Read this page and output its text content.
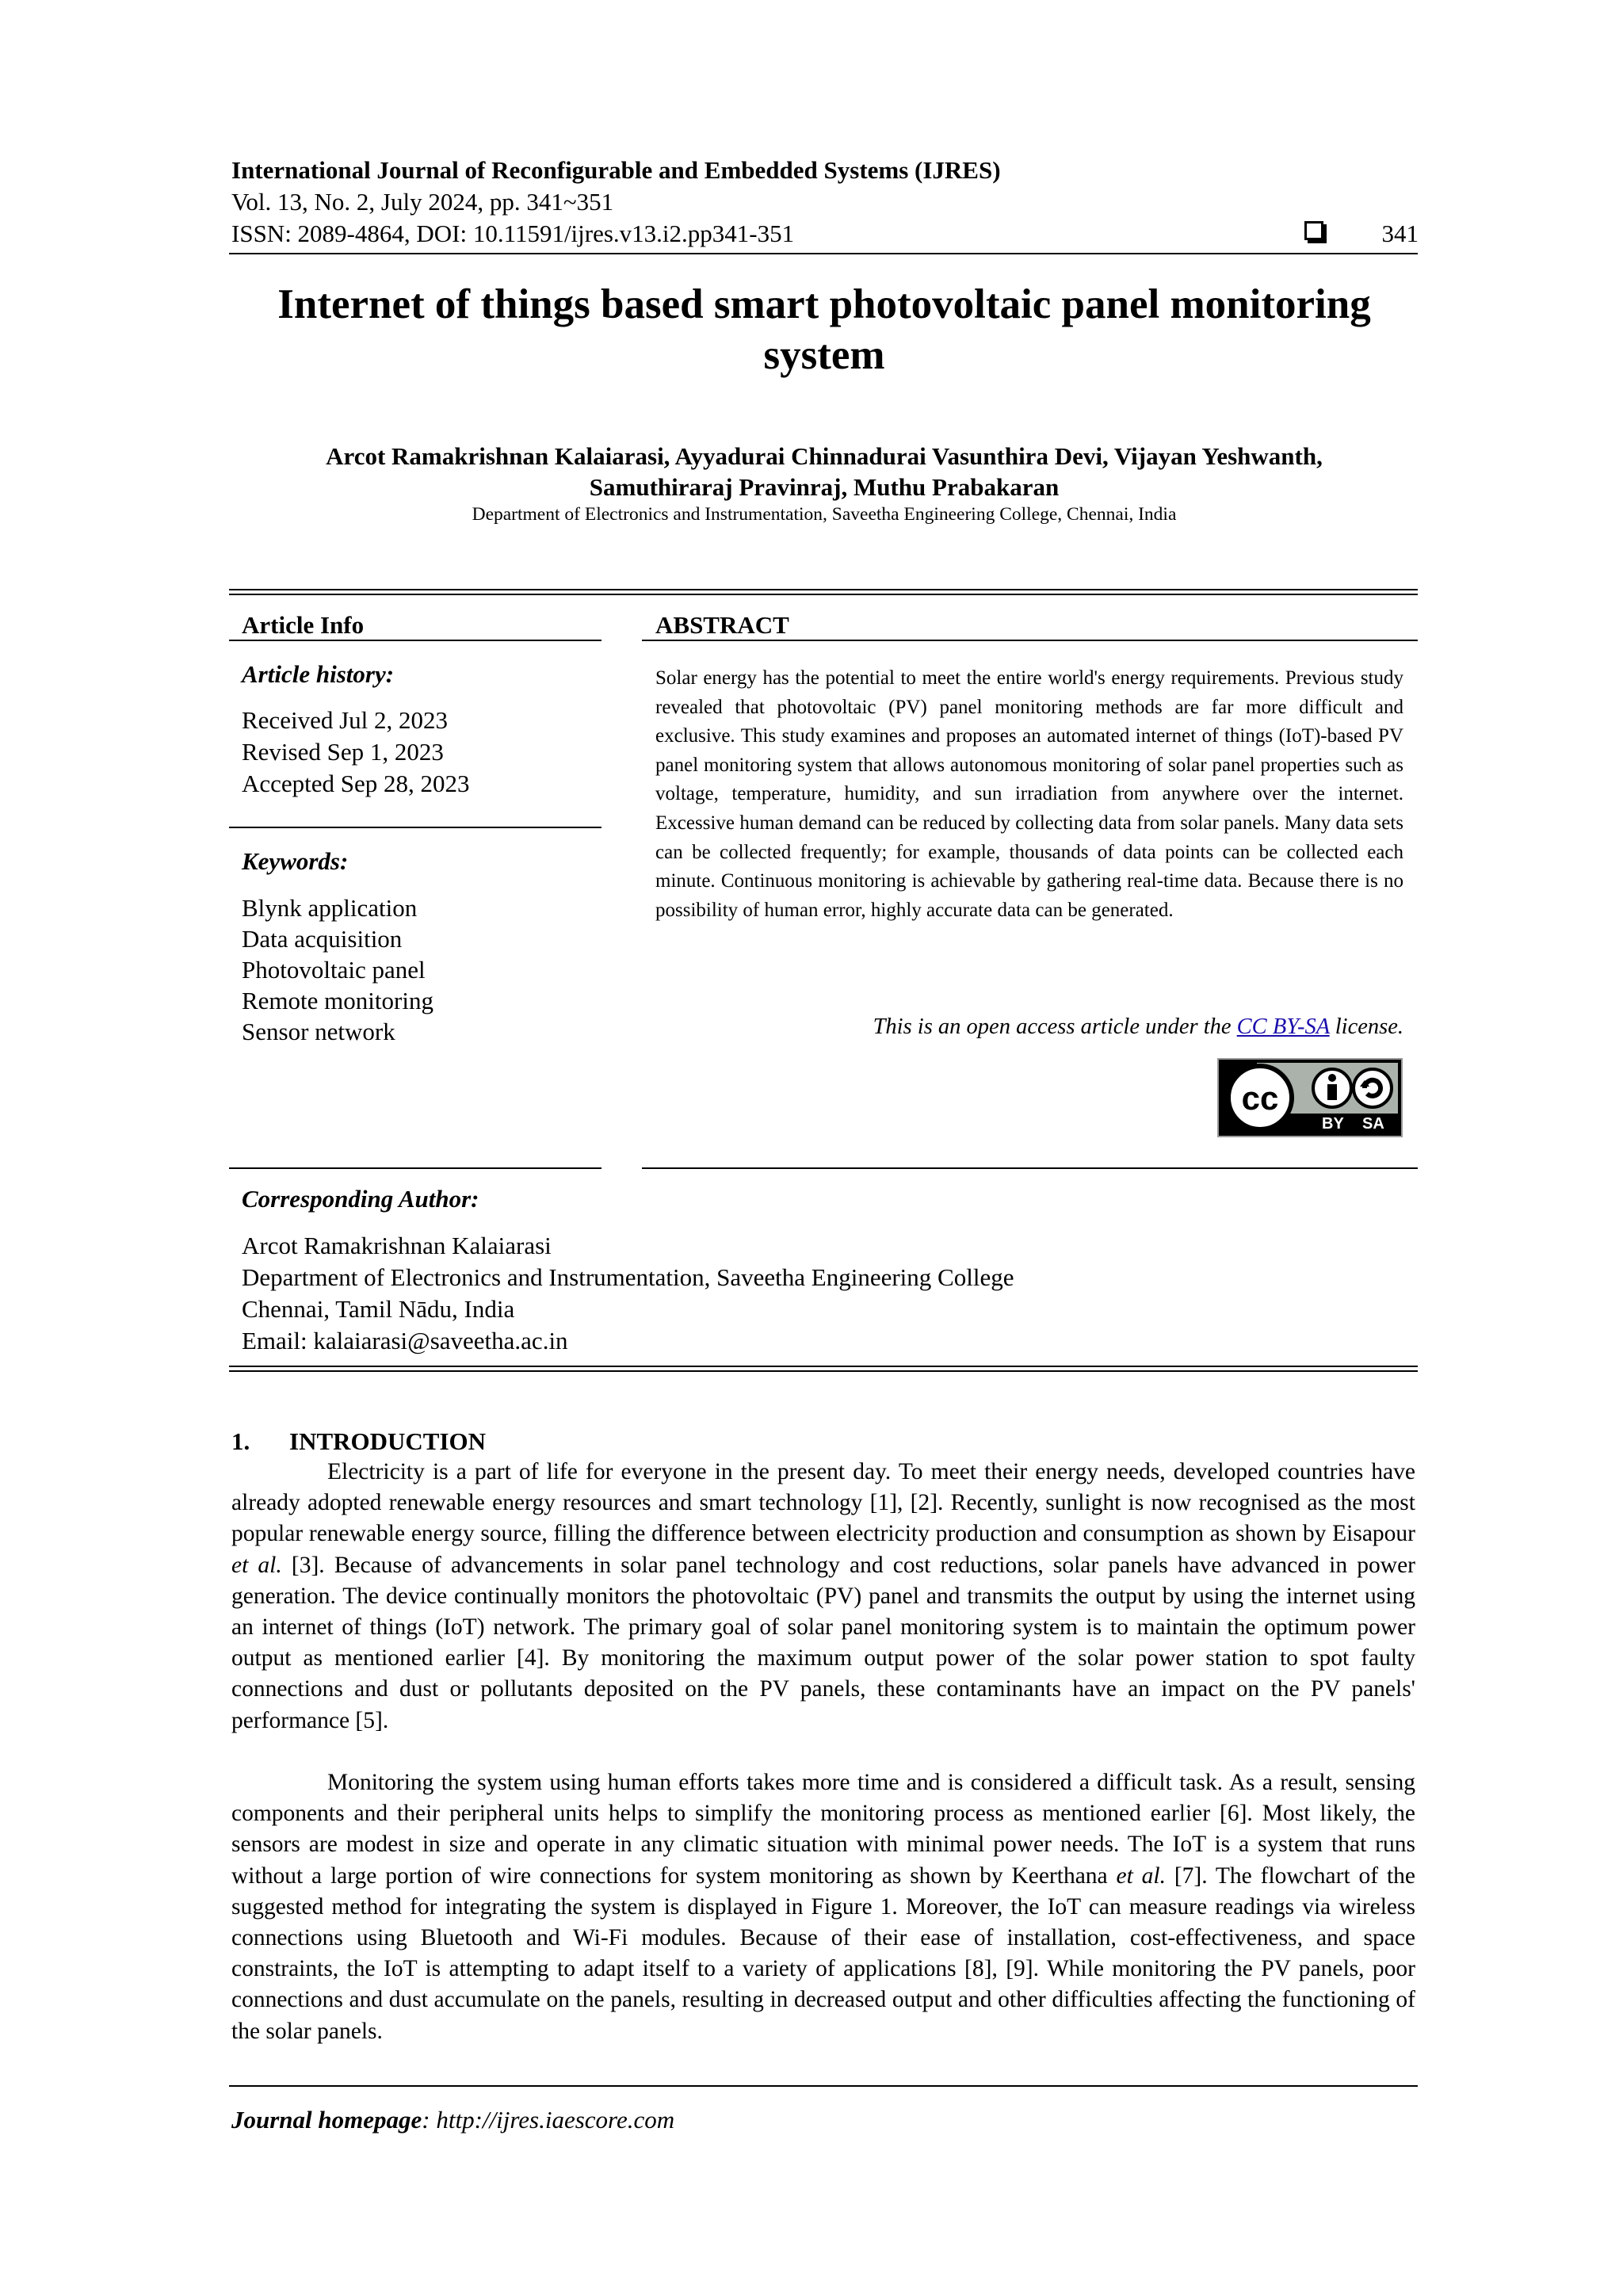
International Journal of Reconfigurable and Embedded Systems (IJRES)
Vol. 13, No. 2, July 2024, pp. 341~351
ISSN: 2089-4864, DOI: 10.11591/ijres.v13.i2.pp341-351	341
Internet of things based smart photovoltaic panel monitoring
system
Arcot Ramakrishnan Kalaiarasi, Ayyadurai Chinnadurai Vasunthira Devi, Vijayan Yeshwanth,
Samuthiraraj Pravinraj, Muthu Prabakaran
Department of Electronics and Instrumentation, Saveetha Engineering College, Chennai, India
Article Info
Article history:
Received Jul 2, 2023
Revised Sep 1, 2023
Accepted Sep 28, 2023
Keywords:
Blynk application
Data acquisition
Photovoltaic panel
Remote monitoring
Sensor network
ABSTRACT
Solar energy has the potential to meet the entire world's energy requirements. Previous study revealed that photovoltaic (PV) panel monitoring methods are far more difficult and exclusive. This study examines and proposes an automated internet of things (IoT)-based PV panel monitoring system that allows autonomous monitoring of solar panel properties such as voltage, temperature, humidity, and sun irradiation from anywhere over the internet. Excessive human demand can be reduced by collecting data from solar panels. Many data sets can be collected frequently; for example, thousands of data points can be collected each minute. Continuous monitoring is achievable by gathering real-time data. Because there is no possibility of human error, highly accurate data can be generated.
This is an open access article under the CC BY-SA license.
cc
BY SA
Corresponding Author:
Arcot Ramakrishnan Kalaiarasi
Department of Electronics and Instrumentation, Saveetha Engineering College
Chennai, Tamil Nādu, India
Email: kalaiarasi@saveetha.ac.in
1. INTRODUCTION
Electricity is a part of life for everyone in the present day. To meet their energy needs, developed countries have already adopted renewable energy resources and smart technology [1], [2]. Recently, sunlight is now recognised as the most popular renewable energy source, filling the difference between electricity production and consumption as shown by Eisapour et al. [3]. Because of advancements in solar panel technology and cost reductions, solar panels have advanced in power generation. The device continually monitors the photovoltaic (PV) panel and transmits the output by using the internet using an internet of things (IoT) network. The primary goal of solar panel monitoring system is to maintain the optimum power output as mentioned earlier [4]. By monitoring the maximum output power of the solar power station to spot faulty connections and dust or pollutants deposited on the PV panels, these contaminants have an impact on the PV panels' performance [5].
Monitoring the system using human efforts takes more time and is considered a difficult task. As a result, sensing components and their peripheral units helps to simplify the monitoring process as mentioned earlier [6]. Most likely, the sensors are modest in size and operate in any climatic situation with minimal power needs. The IoT is a system that runs without a large portion of wire connections for system monitoring as shown by Keerthana et al. [7]. The flowchart of the suggested method for integrating the system is displayed in Figure 1. Moreover, the IoT can measure readings via wireless connections using Bluetooth and Wi-Fi modules. Because of their ease of installation, cost-effectiveness, and space constraints, the IoT is attempting to adapt itself to a variety of applications [8], [9]. While monitoring the PV panels, poor connections and dust accumulate on the panels, resulting in decreased output and other difficulties affecting the functioning of the solar panels.
Journal homepage: http://ijres.iaescore.com
